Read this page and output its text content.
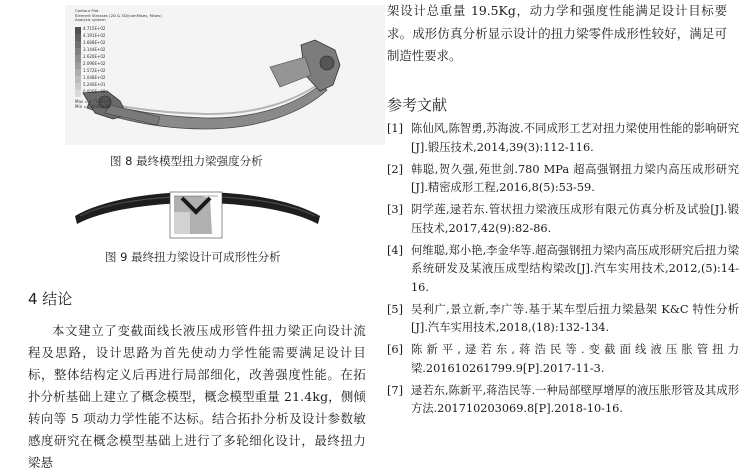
Contour Plot
Element Stresses (2D & 3D)(vonMises, Mises)
Analysis system
4.715E+02
4.191E+02
3.668E+02
3.144E+02
2.620E+02
2.096E+02
1.572E+02
1.048E+02
5.240E+01
0.000E+00
Max = 4.715E+02
Min = 0.000E+00
图 8 最终模型扭力梁强度分析
图 9 最终扭力梁设计可成形性分析
4 结论

本文建立了变截面线长液压成形管件扭力梁正向设计流程及思路，设计思路为首先使动力学性能需要满足设计目标，整体结构定义后再进行局部细化，改善强度性能。在拓扑分析基础上建立了概念模型，概念模型重量 21.4kg，侧倾转向等 5 项动力学性能不达标。结合拓扑分析及设计参数敏感度研究在概念模型基础上进行了多轮细化设计，最终扭力梁悬

架设计总重量 19.5Kg，动力学和强度性能满足设计目标要求。成形仿真分析显示设计的扭力梁零件成形性较好，满足可制造性要求。

参考文献
[1] 陈仙风,陈智勇,苏海波.不同成形工艺对扭力梁使用性能的影响研究[J].锻压技术,2014,39(3):112-116.
[2] 韩聪,贺久强,苑世剑.780 MPa 超高强钢扭力梁内高压成形研究[J].精密成形工程,2016,8(5):53-59.
[3] 阴学莲,逯若东.管状扭力梁液压成形有限元仿真分析及试验[J].锻压技术,2017,42(9):82-86.
[4] 何维聪,郑小艳,李金华等.超高强钢扭力梁内高压成形研究后扭力梁系统研发及某液压成型结构梁改[J].汽车实用技术,2012,(5):14-16.
[5] 吴利广,景立新,李广等.基于某车型后扭力梁悬架 K&C 特性分析[J].汽车实用技术,2018,(18):132-134.
[6] 陈新平,逯若东,蒋浩民等.变截面线液压胀管扭力梁.201610261799.9[P].2017-11-3.
[7] 逯若东,陈新平,蒋浩民等.一种局部壁厚增厚的液压胀形管及其成形方法.201710203069.8[P].2018-10-16.
